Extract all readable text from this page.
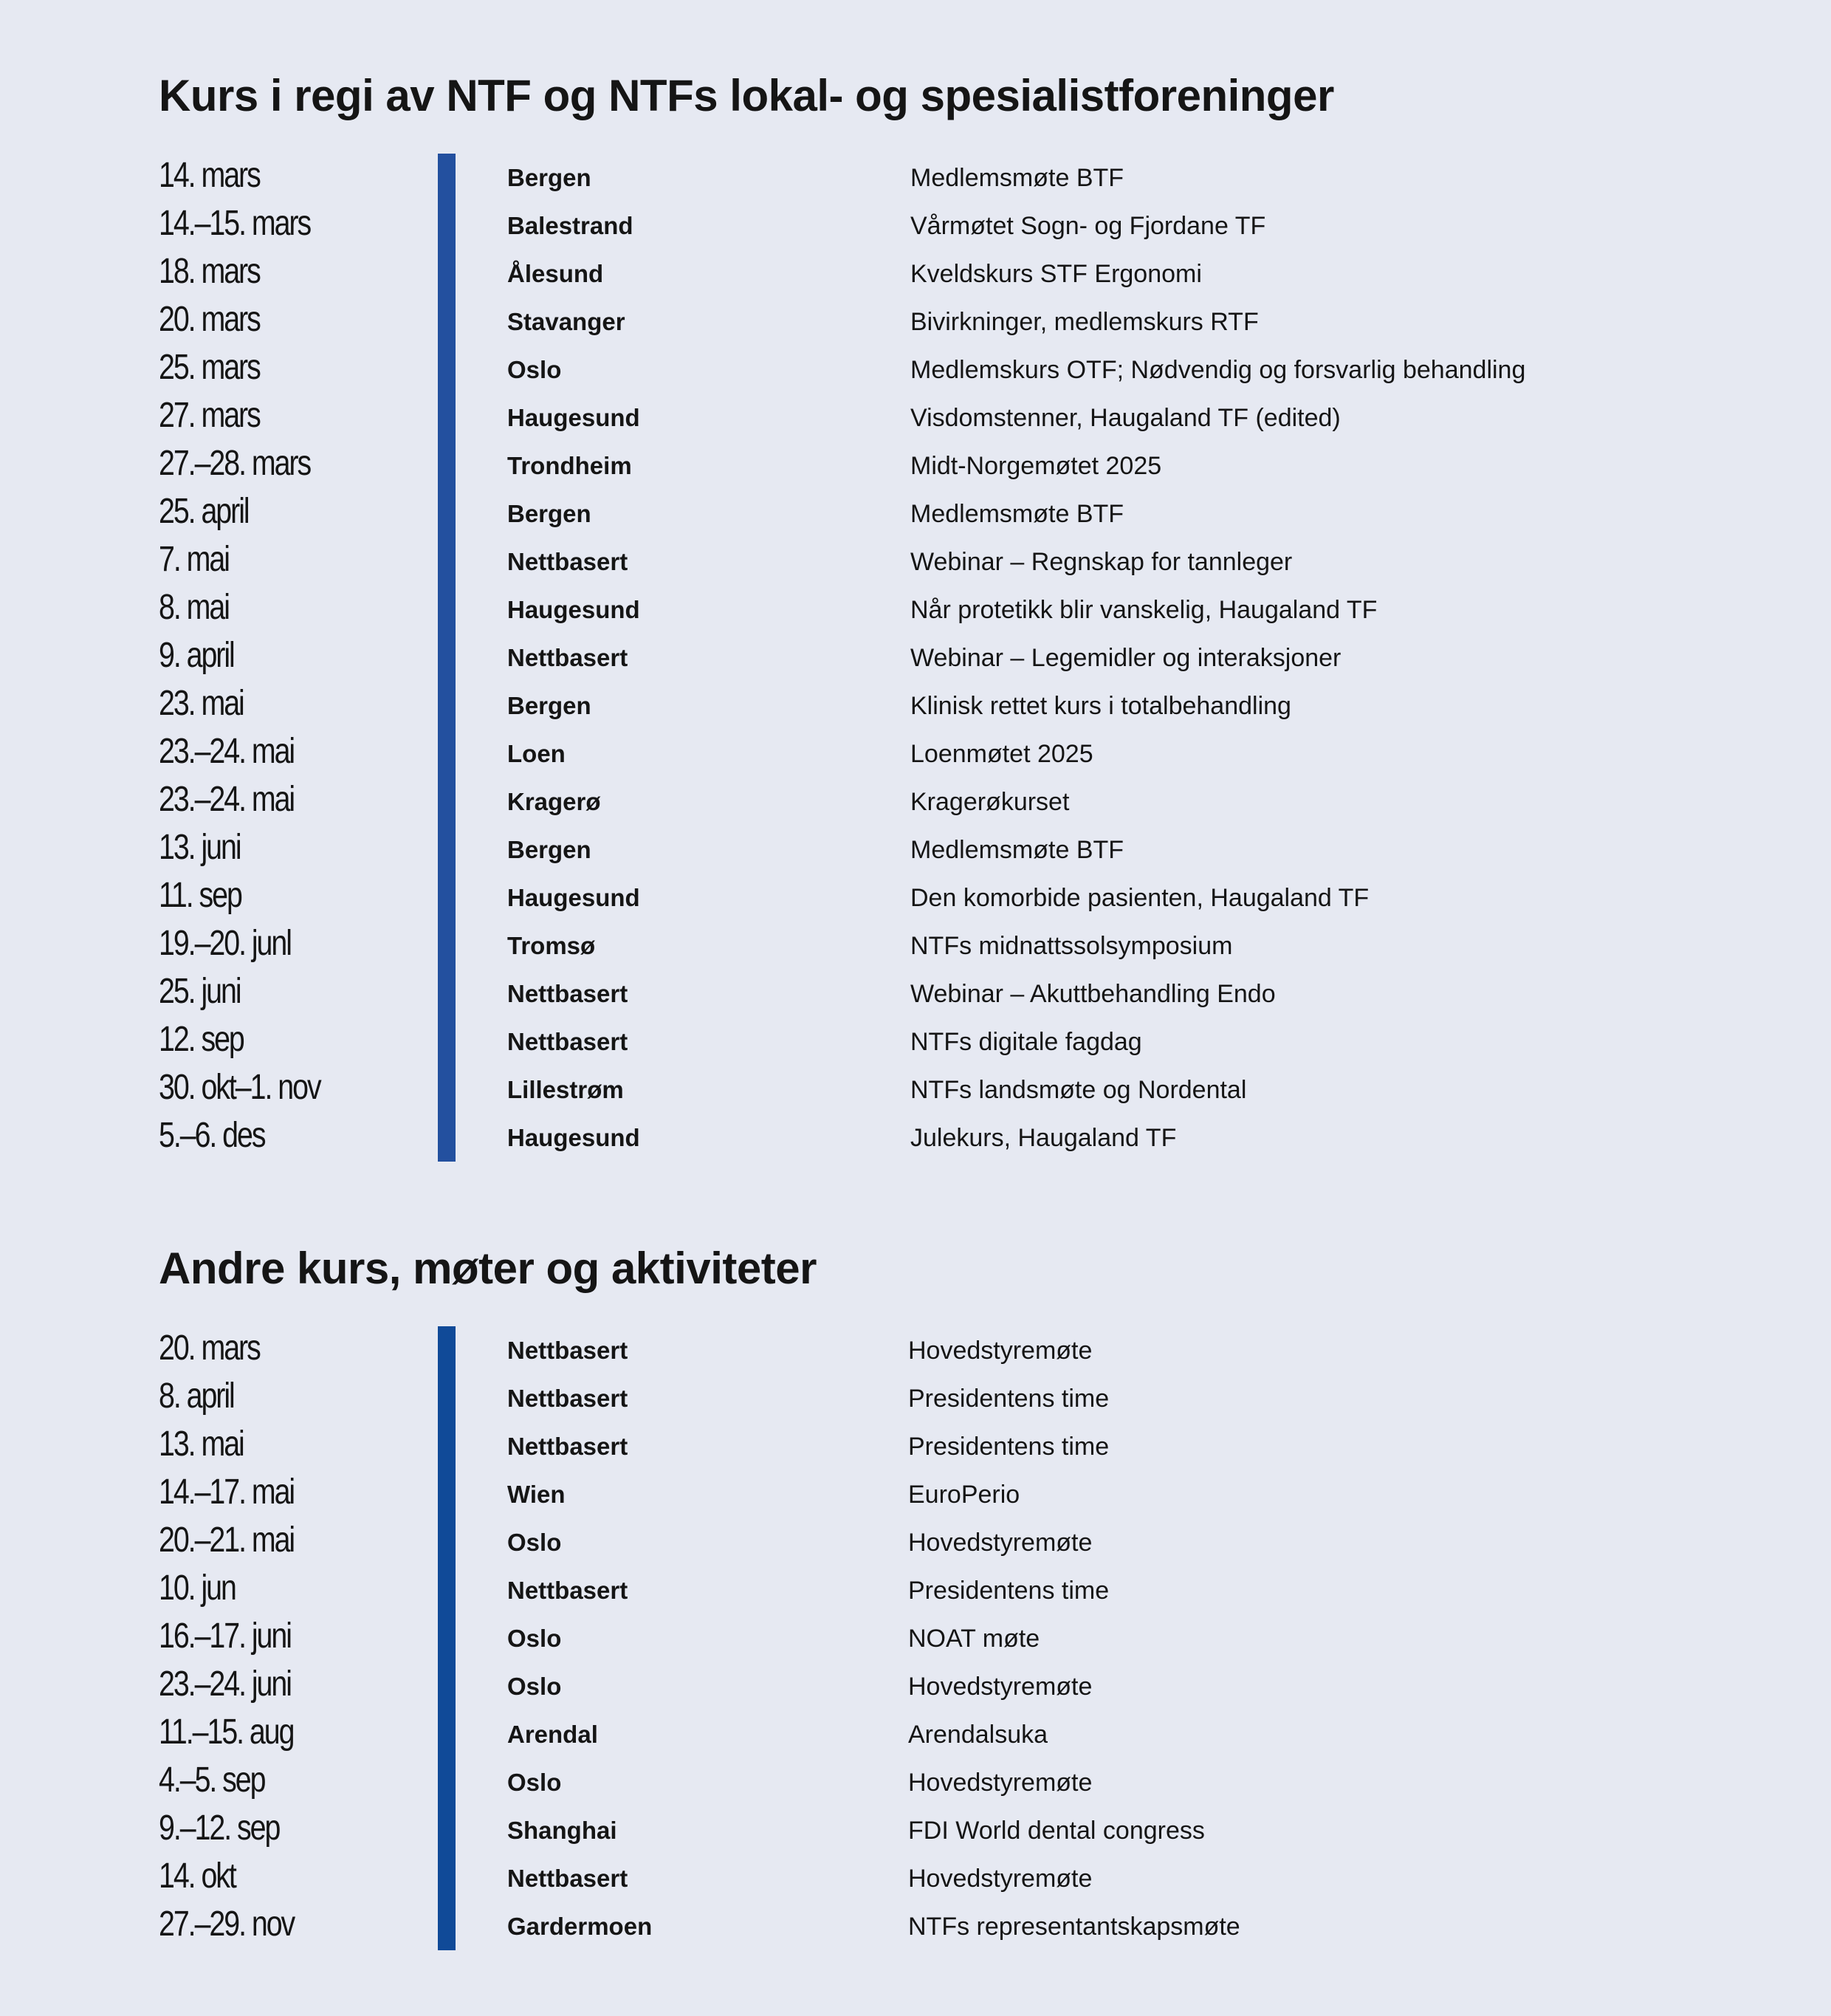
Kurs i regi av NTF og NTFs lokal- og spesialistforeninger
14. mars	Bergen	Medlemsmøte BTF
14.–15. mars	Balestrand	Vårmøtet Sogn- og Fjordane TF
18. mars	Ålesund	Kveldskurs STF Ergonomi
20. mars	Stavanger	Bivirkninger, medlemskurs RTF
25. mars	Oslo	Medlemskurs OTF; Nødvendig og forsvarlig behandling
27. mars	Haugesund	Visdomstenner, Haugaland TF (edited)
27.–28. mars	Trondheim	Midt-Norgemøtet 2025
25. april	Bergen	Medlemsmøte BTF
7. mai	Nettbasert	Webinar – Regnskap for tannleger
8. mai	Haugesund	Når protetikk blir vanskelig, Haugaland TF
9. april	Nettbasert	Webinar – Legemidler og interaksjoner
23. mai	Bergen	Klinisk rettet kurs i totalbehandling
23.–24. mai	Loen	Loenmøtet 2025
23.–24. mai	Kragerø	Kragerøkurset
13. juni	Bergen	Medlemsmøte BTF
11. sep	Haugesund	Den komorbide pasienten, Haugaland TF
19.–20. junl	Tromsø	NTFs midnattssolsymposium
25. juni	Nettbasert	Webinar – Akuttbehandling Endo
12. sep	Nettbasert	NTFs digitale fagdag
30. okt–1. nov	Lillestrøm	NTFs landsmøte og Nordental
5.–6. des	Haugesund	Julekurs, Haugaland TF
Andre kurs, møter og aktiviteter
20. mars	Nettbasert	Hovedstyremøte
8. april	Nettbasert	Presidentens time
13. mai	Nettbasert	Presidentens time
14.–17. mai	Wien	EuroPerio
20.–21. mai	Oslo	Hovedstyremøte
10. jun	Nettbasert	Presidentens time
16.–17. juni	Oslo	NOAT møte
23.–24. juni	Oslo	Hovedstyremøte
11.–15. aug	Arendal	Arendalsuka
4.–5. sep	Oslo	Hovedstyremøte
9.–12. sep	Shanghai	FDI World dental congress
14. okt	Nettbasert	Hovedstyremøte
27.–29. nov	Gardermoen	NTFs representantskapsmøte
